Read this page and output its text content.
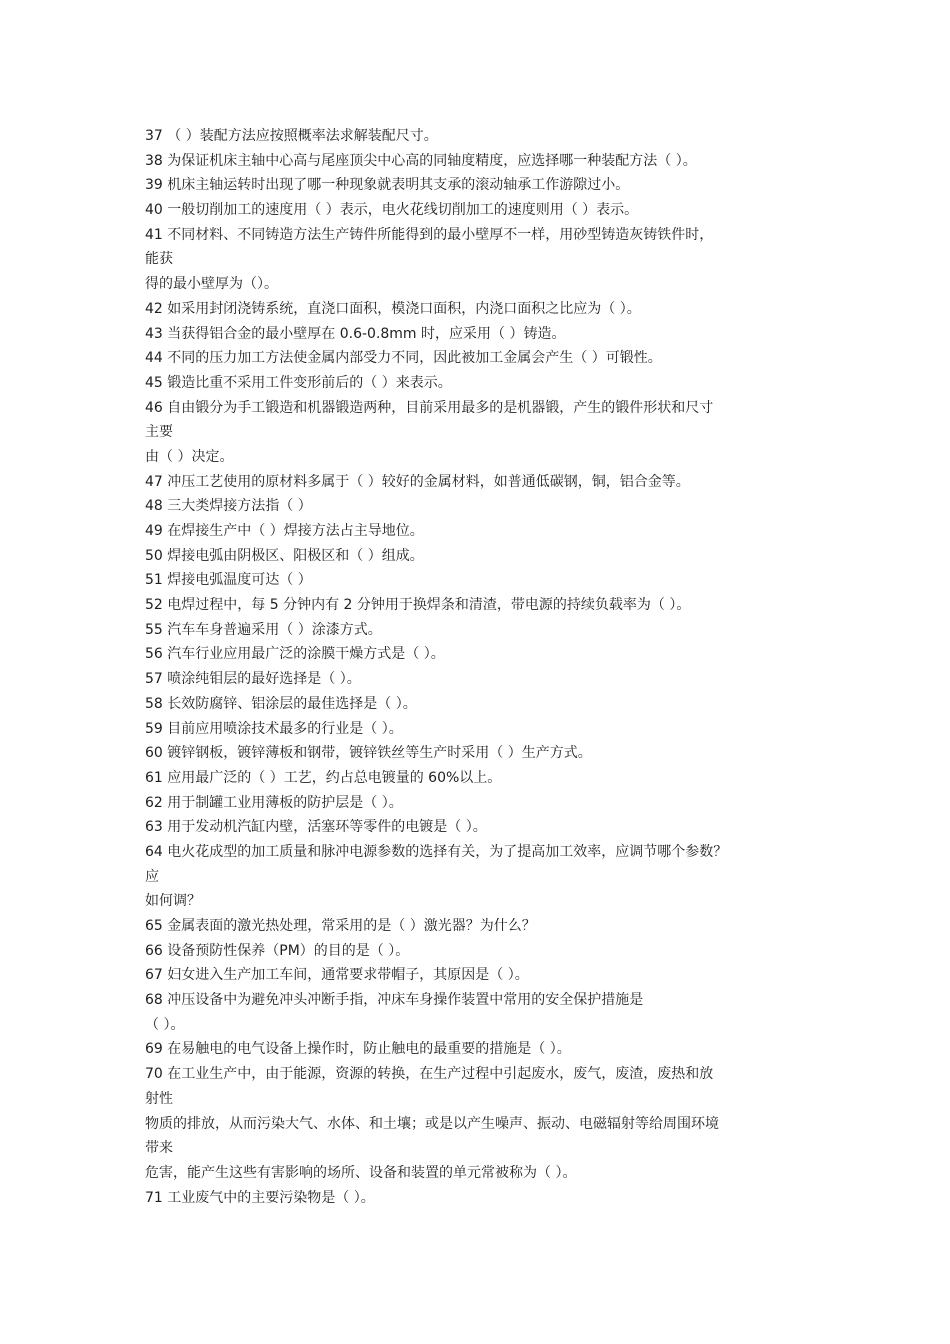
37 （ ）装配方法应按照概率法求解装配尺寸。
38 为保证机床主轴中心高与尾座顶尖中心高的同轴度精度，应选择哪一种装配方法（ ）。
39 机床主轴运转时出现了哪一种现象就表明其支承的滚动轴承工作游隙过小。
40 一般切削加工的速度用（ ）表示，电火花线切削加工的速度则用（ ）表示。
41 不同材料、不同铸造方法生产铸件所能得到的最小壁厚不一样，用砂型铸造灰铸铁件时，
能获
得的最小壁厚为（）。
42 如采用封闭浇铸系统，直浇口面积，模浇口面积，内浇口面积之比应为（ ）。
43 当获得铝合金的最小壁厚在 0.6-0.8mm 时，应采用（ ）铸造。
44 不同的压力加工方法使金属内部受力不同，因此被加工金属会产生（ ）可锻性。
45 锻造比重不采用工件变形前后的（ ）来表示。
46 自由锻分为手工锻造和机器锻造两种，目前采用最多的是机器锻，产生的锻件形状和尺寸
主要
由（ ）决定。
47 冲压工艺使用的原材料多属于（ ）较好的金属材料，如普通低碳钢，铜，铝合金等。
48 三大类焊接方法指（ ）
49 在焊接生产中（ ）焊接方法占主导地位。
50 焊接电弧由阴极区、阳极区和（ ）组成。
51 焊接电弧温度可达（ ）
52 电焊过程中，每 5 分钟内有 2 分钟用于换焊条和清渣，带电源的持续负载率为（ ）。
55 汽车车身普遍采用（ ）涂漆方式。
56 汽车行业应用最广泛的涂膜干燥方式是（ ）。
57 喷涂纯钼层的最好选择是（ ）。
58 长效防腐锌、铝涂层的最佳选择是（ ）。
59 目前应用喷涂技术最多的行业是（ ）。
60 镀锌钢板，镀锌薄板和钢带，镀锌铁丝等生产时采用（ ）生产方式。
61 应用最广泛的（ ）工艺，约占总电镀量的 60%以上。
62 用于制罐工业用薄板的防护层是（ ）。
63 用于发动机汽缸内壁，活塞环等零件的电镀是（ ）。
64 电火花成型的加工质量和脉冲电源参数的选择有关，为了提高加工效率，应调节哪个参数？
应
如何调？
65 金属表面的激光热处理，常采用的是（ ）激光器？为什么？
66 设备预防性保养（PM）的目的是（ ）。
67 妇女进入生产加工车间，通常要求带帽子，其原因是（ ）。
68 冲压设备中为避免冲头冲断手指，冲床车身操作装置中常用的安全保护措施是
（ ）。
69 在易触电的电气设备上操作时，防止触电的最重要的措施是（ ）。
70 在工业生产中，由于能源，资源的转换，在生产过程中引起废水，废气，废渣，废热和放
射性
物质的排放，从而污染大气、水体、和土壤；或是以产生噪声、振动、电磁辐射等给周围环境
带来
危害，能产生这些有害影响的场所、设备和装置的单元常被称为（ ）。
71 工业废气中的主要污染物是（ ）。
